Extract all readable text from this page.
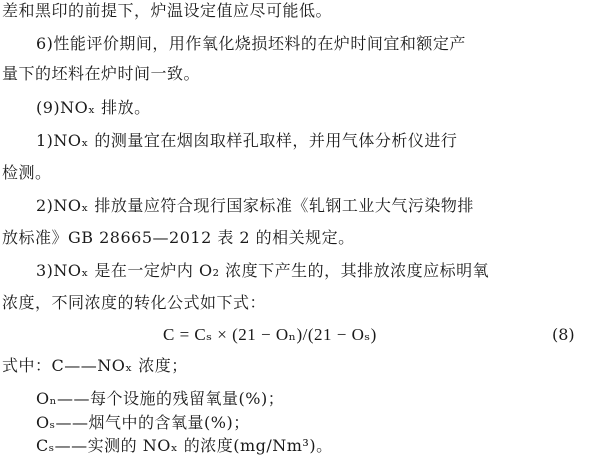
差和黑印的前提下，炉温设定值应尽可能低。
6)性能评价期间，用作氧化烧损坯料的在炉时间宜和额定产
量下的坯料在炉时间一致。
(9)NOₓ 排放。
1)NOₓ 的测量宜在烟囱取样孔取样，并用气体分析仪进行
检测。
2)NOₓ 排放量应符合现行国家标准《轧钢工业大气污染物排
放标准》GB 28665—2012 表 2 的相关规定。
3)NOₓ 是在一定炉内 O₂ 浓度下产生的，其排放浓度应标明氧
浓度，不同浓度的转化公式如下式：
C = Cₛ × (21 − Oₙ)/(21 − Oₛ)	(8)
式中：C——NOₓ 浓度；
Oₙ——每个设施的残留氧量(%)；
Oₛ——烟气中的含氧量(%)；
Cₛ——实测的 NOₓ 的浓度(mg/Nm³)。
